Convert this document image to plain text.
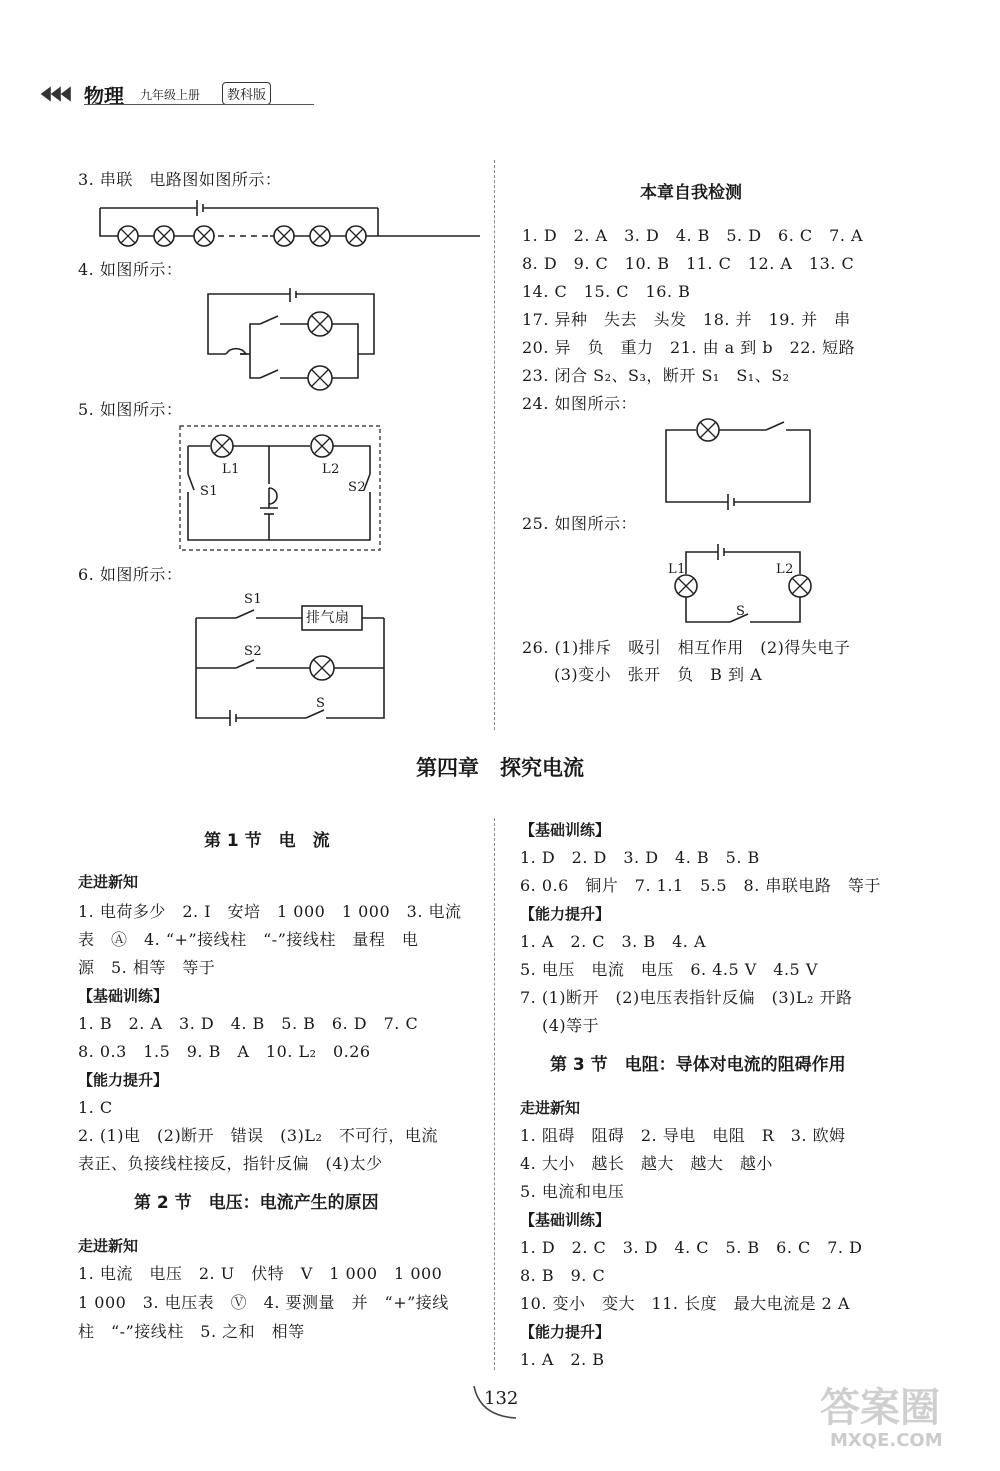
物理 九年级上册	教科版
3. 串联　电路图如图所示：
4. 如图所示：
5. 如图所示：
L1	L2
S1	S2
6. 如图所示：
排气扇
S1
S2
S
本章自我检测
1. D　2. A　3. D　4. B　5. D　6. C　7. A
8. D　9. C　10. B　11. C　12. A　13. C
14. C　15. C　16. B
17. 异种　失去　头发　18. 并　19. 并　串
20. 异　负　重力　21. 由 a 到 b　22. 短路
23. 闭合 S₂、S₃，断开 S₁　S₁、S₂
24. 如图所示：
25. 如图所示：
L1	L2
S
26. (1)排斥　吸引　相互作用　(2)得失电子
(3)变小　张开　负　B 到 A
第四章　探究电流
第 1 节　电　流
走进新知
1. 电荷多少　2. I　安培　1 000　1 000　3. 电流
表　Ⓐ　4. “+”接线柱　“-”接线柱　量程　电
源　5. 相等　等于
【基础训练】
1. B　2. A　3. D　4. B　5. B　6. D　7. C
8. 0.3　1.5　9. B　A　10. L₂　0.26
【能力提升】
1. C
2. (1)电　(2)断开　错误　(3)L₂　不可行，电流
表正、负接线柱接反，指针反偏　(4)太少
第 2 节　电压：电流产生的原因
走进新知
1. 电流　电压　2. U　伏特　V　1 000　1 000
1 000　3. 电压表　Ⓥ　4. 要测量　并　“+”接线
柱　“-”接线柱　5. 之和　相等
【基础训练】
1. D　2. D　3. D　4. B　5. B
6. 0.6　铜片　7. 1.1　5.5　8. 串联电路　等于
【能力提升】
1. A　2. C　3. B　4. A
5. 电压　电流　电压　6. 4.5 V　4.5 V
7. (1)断开　(2)电压表指针反偏　(3)L₂ 开路
(4)等于
第 3 节　电阻：导体对电流的阻碍作用
走进新知
1. 阻碍　阻碍　2. 导电　电阻　R　3. 欧姆
4. 大小　越长　越大　越大　越小
5. 电流和电压
【基础训练】
1. D　2. C　3. D　4. C　5. B　6. C　7. D
8. B　9. C
10. 变小　变大　11. 长度　最大电流是 2 A
【能力提升】
1. A　2. B
132	答案圈
MXQE.COM
